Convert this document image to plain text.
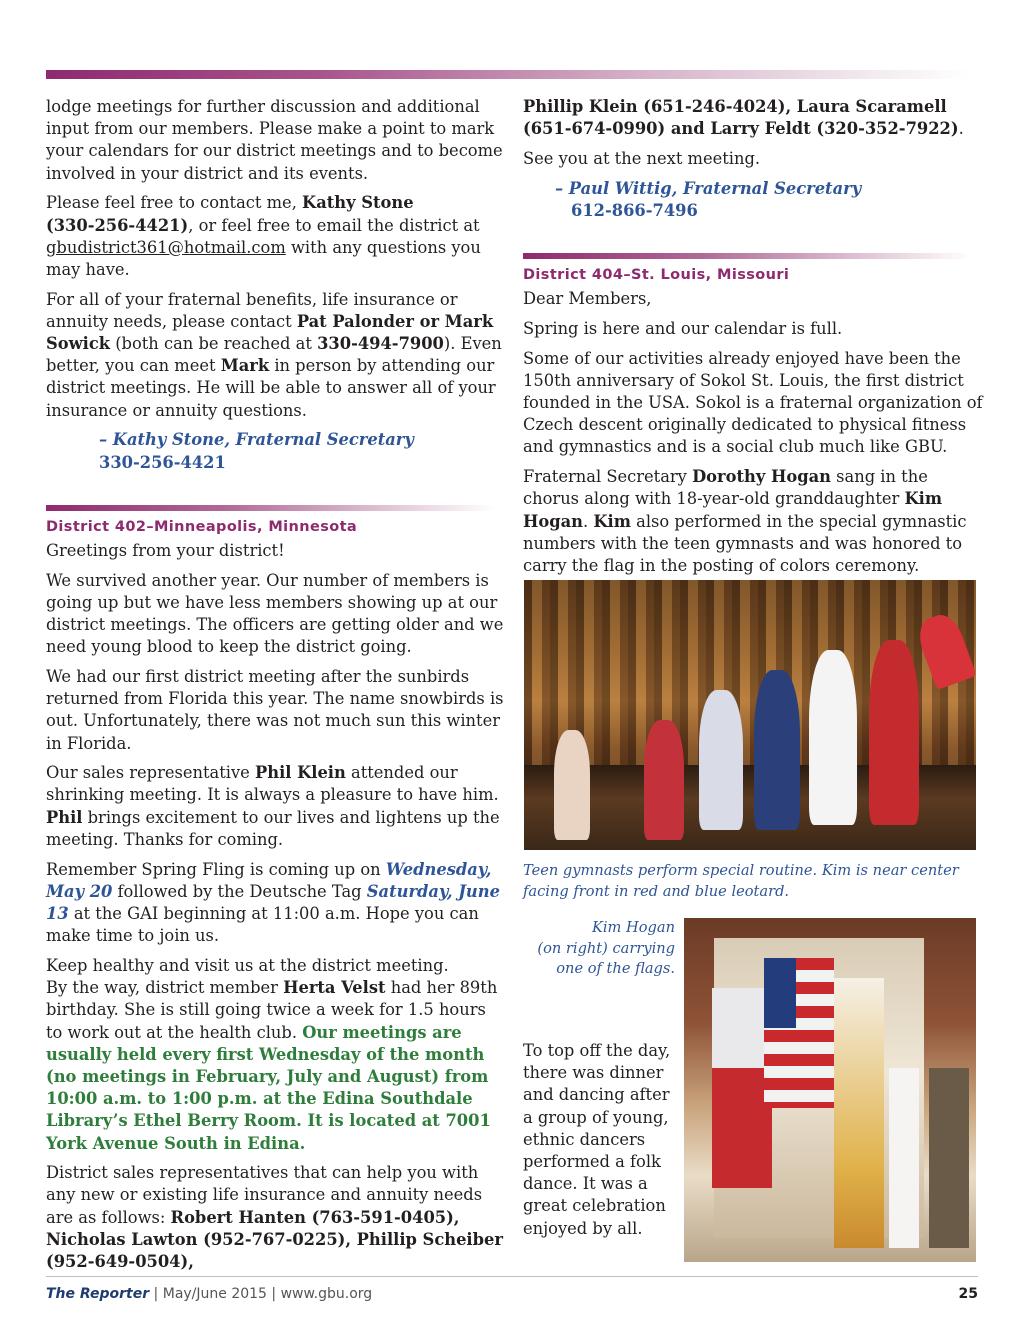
lodge meetings for further discussion and additional input from our members. Please make a point to mark your calendars for our district meetings and to become involved in your district and its events.

Please feel free to contact me, Kathy Stone
(330-256-4421), or feel free to email the district at gbudistrict361@hotmail.com with any questions you may have.

For all of your fraternal benefits, life insurance or annuity needs, please contact Pat Palonder or Mark Sowick (both can be reached at 330-494-7900). Even better, you can meet Mark in person by attending our district meetings. He will be able to answer all of your insurance or annuity questions.

– Kathy Stone, Fraternal Secretary
330-256-4421
District 402–Minneapolis, Minnesota

Greetings from your district!

We survived another year. Our number of members is going up but we have less members showing up at our district meetings. The officers are getting older and we need young blood to keep the district going.

We had our first district meeting after the sunbirds returned from Florida this year. The name snowbirds is out. Unfortunately, there was not much sun this winter in Florida.

Our sales representative Phil Klein attended our shrinking meeting. It is always a pleasure to have him. Phil brings excitement to our lives and lightens up the meeting. Thanks for coming.

Remember Spring Fling is coming up on Wednesday, May 20 followed by the Deutsche Tag Saturday, June 13 at the GAI beginning at 11:00 a.m. Hope you can make time to join us.

Keep healthy and visit us at the district meeting.
By the way, district member Herta Velst had her 89th birthday. She is still going twice a week for 1.5 hours to work out at the health club. Our meetings are usually held every first Wednesday of the month (no meetings in February, July and August) from 10:00 a.m. to 1:00 p.m. at the Edina Southdale Library’s Ethel Berry Room. It is located at 7001 York Avenue South in Edina.

District sales representatives that can help you with any new or existing life insurance and annuity needs are as follows: Robert Hanten (763-591-0405), Nicholas Lawton (952-767-0225), Phillip Scheiber (952-649-0504),

Phillip Klein (651-246-4024), Laura Scaramell (651-674-0990) and Larry Feldt (320-352-7922).

See you at the next meeting.

– Paul Wittig, Fraternal Secretary
612-866-7496
District 404–St. Louis, Missouri

Dear Members,

Spring is here and our calendar is full.

Some of our activities already enjoyed have been the 150th anniversary of Sokol St. Louis, the first district founded in the USA. Sokol is a fraternal organization of Czech descent originally dedicated to physical fitness and gymnastics and is a social club much like GBU.

Fraternal Secretary Dorothy Hogan sang in the chorus along with 18-year-old granddaughter Kim Hogan. Kim also performed in the special gymnastic numbers with the teen gymnasts and was honored to carry the flag in the posting of colors ceremony.

Teen gymnasts perform special routine. Kim is near center facing front in red and blue leotard.
Kim Hogan
(on right) carrying
one of the flags.
To top off the day, there was dinner and dancing after a group of young, ethnic dancers performed a folk dance. It was a great celebration enjoyed by all.
The Reporter | May/June 2015 | www.gbu.org	25
